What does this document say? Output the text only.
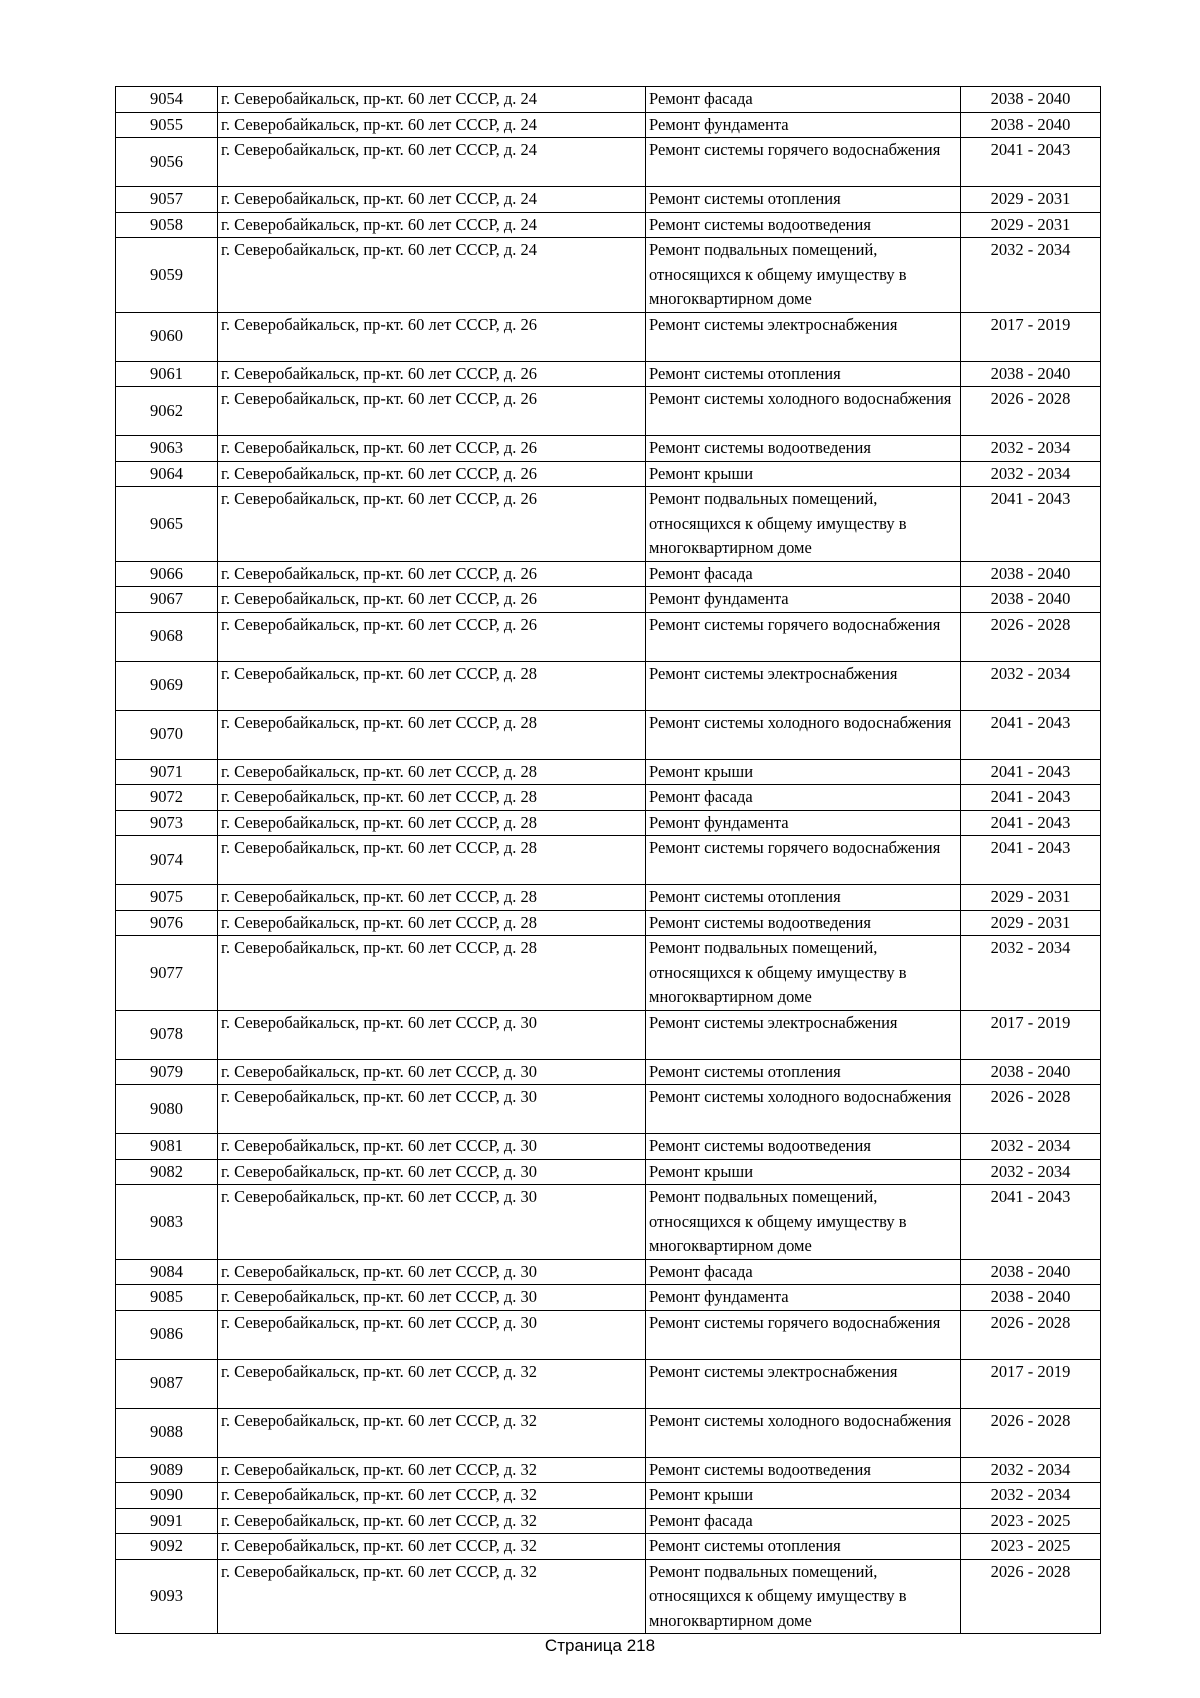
9054	г. Северобайкальск, пр-кт. 60 лет СССР, д. 24	Ремонт фасада	2038 - 2040
9055	г. Северобайкальск, пр-кт. 60 лет СССР, д. 24	Ремонт фундамента	2038 - 2040
9056	г. Северобайкальск, пр-кт. 60 лет СССР, д. 24	Ремонт системы горячего водоснабжения	2041 - 2043
9057	г. Северобайкальск, пр-кт. 60 лет СССР, д. 24	Ремонт системы отопления	2029 - 2031
9058	г. Северобайкальск, пр-кт. 60 лет СССР, д. 24	Ремонт системы водоотведения	2029 - 2031
9059	г. Северобайкальск, пр-кт. 60 лет СССР, д. 24	Ремонт подвальных помещений, относящихся к общему имуществу в многоквартирном доме	2032 - 2034
9060	г. Северобайкальск, пр-кт. 60 лет СССР, д. 26	Ремонт системы электроснабжения	2017 - 2019
9061	г. Северобайкальск, пр-кт. 60 лет СССР, д. 26	Ремонт системы отопления	2038 - 2040
9062	г. Северобайкальск, пр-кт. 60 лет СССР, д. 26	Ремонт системы холодного водоснабжения	2026 - 2028
9063	г. Северобайкальск, пр-кт. 60 лет СССР, д. 26	Ремонт системы водоотведения	2032 - 2034
9064	г. Северобайкальск, пр-кт. 60 лет СССР, д. 26	Ремонт крыши	2032 - 2034
9065	г. Северобайкальск, пр-кт. 60 лет СССР, д. 26	Ремонт подвальных помещений, относящихся к общему имуществу в многоквартирном доме	2041 - 2043
9066	г. Северобайкальск, пр-кт. 60 лет СССР, д. 26	Ремонт фасада	2038 - 2040
9067	г. Северобайкальск, пр-кт. 60 лет СССР, д. 26	Ремонт фундамента	2038 - 2040
9068	г. Северобайкальск, пр-кт. 60 лет СССР, д. 26	Ремонт системы горячего водоснабжения	2026 - 2028
9069	г. Северобайкальск, пр-кт. 60 лет СССР, д. 28	Ремонт системы электроснабжения	2032 - 2034
9070	г. Северобайкальск, пр-кт. 60 лет СССР, д. 28	Ремонт системы холодного водоснабжения	2041 - 2043
9071	г. Северобайкальск, пр-кт. 60 лет СССР, д. 28	Ремонт крыши	2041 - 2043
9072	г. Северобайкальск, пр-кт. 60 лет СССР, д. 28	Ремонт фасада	2041 - 2043
9073	г. Северобайкальск, пр-кт. 60 лет СССР, д. 28	Ремонт фундамента	2041 - 2043
9074	г. Северобайкальск, пр-кт. 60 лет СССР, д. 28	Ремонт системы горячего водоснабжения	2041 - 2043
9075	г. Северобайкальск, пр-кт. 60 лет СССР, д. 28	Ремонт системы отопления	2029 - 2031
9076	г. Северобайкальск, пр-кт. 60 лет СССР, д. 28	Ремонт системы водоотведения	2029 - 2031
9077	г. Северобайкальск, пр-кт. 60 лет СССР, д. 28	Ремонт подвальных помещений, относящихся к общему имуществу в многоквартирном доме	2032 - 2034
9078	г. Северобайкальск, пр-кт. 60 лет СССР, д. 30	Ремонт системы электроснабжения	2017 - 2019
9079	г. Северобайкальск, пр-кт. 60 лет СССР, д. 30	Ремонт системы отопления	2038 - 2040
9080	г. Северобайкальск, пр-кт. 60 лет СССР, д. 30	Ремонт системы холодного водоснабжения	2026 - 2028
9081	г. Северобайкальск, пр-кт. 60 лет СССР, д. 30	Ремонт системы водоотведения	2032 - 2034
9082	г. Северобайкальск, пр-кт. 60 лет СССР, д. 30	Ремонт крыши	2032 - 2034
9083	г. Северобайкальск, пр-кт. 60 лет СССР, д. 30	Ремонт подвальных помещений, относящихся к общему имуществу в многоквартирном доме	2041 - 2043
9084	г. Северобайкальск, пр-кт. 60 лет СССР, д. 30	Ремонт фасада	2038 - 2040
9085	г. Северобайкальск, пр-кт. 60 лет СССР, д. 30	Ремонт фундамента	2038 - 2040
9086	г. Северобайкальск, пр-кт. 60 лет СССР, д. 30	Ремонт системы горячего водоснабжения	2026 - 2028
9087	г. Северобайкальск, пр-кт. 60 лет СССР, д. 32	Ремонт системы электроснабжения	2017 - 2019
9088	г. Северобайкальск, пр-кт. 60 лет СССР, д. 32	Ремонт системы холодного водоснабжения	2026 - 2028
9089	г. Северобайкальск, пр-кт. 60 лет СССР, д. 32	Ремонт системы водоотведения	2032 - 2034
9090	г. Северобайкальск, пр-кт. 60 лет СССР, д. 32	Ремонт крыши	2032 - 2034
9091	г. Северобайкальск, пр-кт. 60 лет СССР, д. 32	Ремонт фасада	2023 - 2025
9092	г. Северобайкальск, пр-кт. 60 лет СССР, д. 32	Ремонт системы отопления	2023 - 2025
9093	г. Северобайкальск, пр-кт. 60 лет СССР, д. 32	Ремонт подвальных помещений, относящихся к общему имуществу в многоквартирном доме	2026 - 2028
Страница 218
